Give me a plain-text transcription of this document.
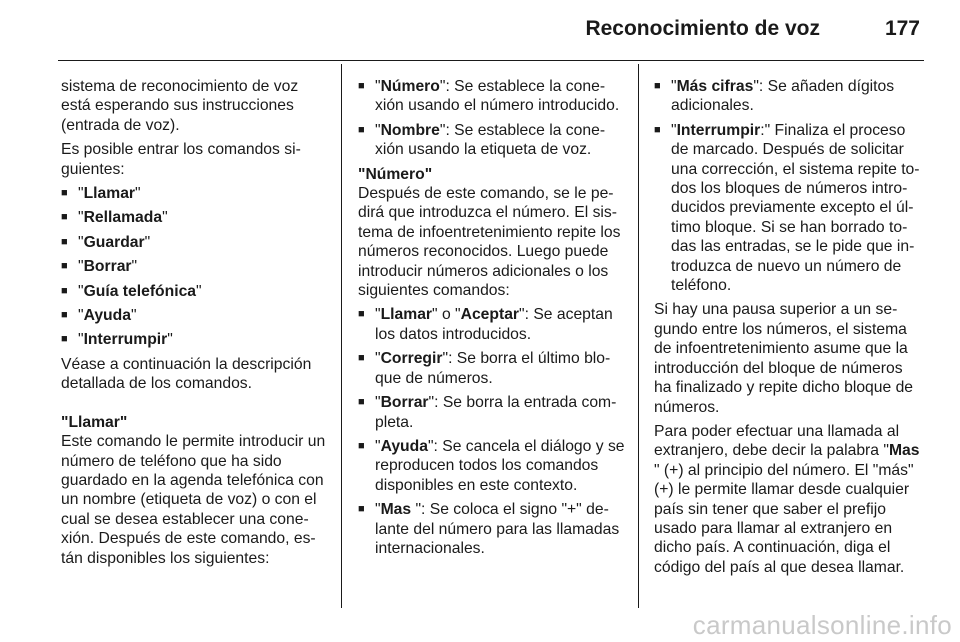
Reconocimiento de voz	177

sistema de reconocimiento de voz está esperando sus instrucciones (entrada de voz).

Es posible entrar los comandos siguientes:

■ "Llamar"
■ "Rellamada"
■ "Guardar"
■ "Borrar"
■ "Guía telefónica"
■ "Ayuda"
■ "Interrumpir"

Véase a continuación la descripción detallada de los comandos.

"Llamar"

Este comando le permite introducir un número de teléfono que ha sido guardado en la agenda telefónica con un nombre (etiqueta de voz) o con el cual se desea establecer una conexión. Después de este comando, están disponibles los siguientes:

■ "Número": Se establece la conexión usando el número introducido.
■ "Nombre": Se establece la conexión usando la etiqueta de voz.
"Número"

Después de este comando, se le pedirá que introduzca el número. El sistema de infoentretenimiento repite los números reconocidos. Luego puede introducir números adicionales o los siguientes comandos:

■ "Llamar" o "Aceptar": Se aceptan los datos introducidos.
■ "Corregir": Se borra el último bloque de números.
■ "Borrar": Se borra la entrada completa.
■ "Ayuda": Se cancela el diálogo y se reproducen todos los comandos disponibles en este contexto.
■ "Mas ": Se coloca el signo "+" delante del número para las llamadas internacionales.
■ "Más cifras": Se añaden dígitos adicionales.
■ "Interrumpir:" Finaliza el proceso de marcado. Después de solicitar una corrección, el sistema repite todos los bloques de números introducidos previamente excepto el último bloque. Si se han borrado todas las entradas, se le pide que introduzca de nuevo un número de teléfono.

Si hay una pausa superior a un segundo entre los números, el sistema de infoentretenimiento asume que la introducción del bloque de números ha finalizado y repite dicho bloque de números.

Para poder efectuar una llamada al extranjero, debe decir la palabra "Mas " (+) al principio del número. El "más" (+) le permite llamar desde cualquier país sin tener que saber el prefijo usado para llamar al extranjero en dicho país. A continuación, diga el código del país al que desea llamar.

carmanualsonline.info
